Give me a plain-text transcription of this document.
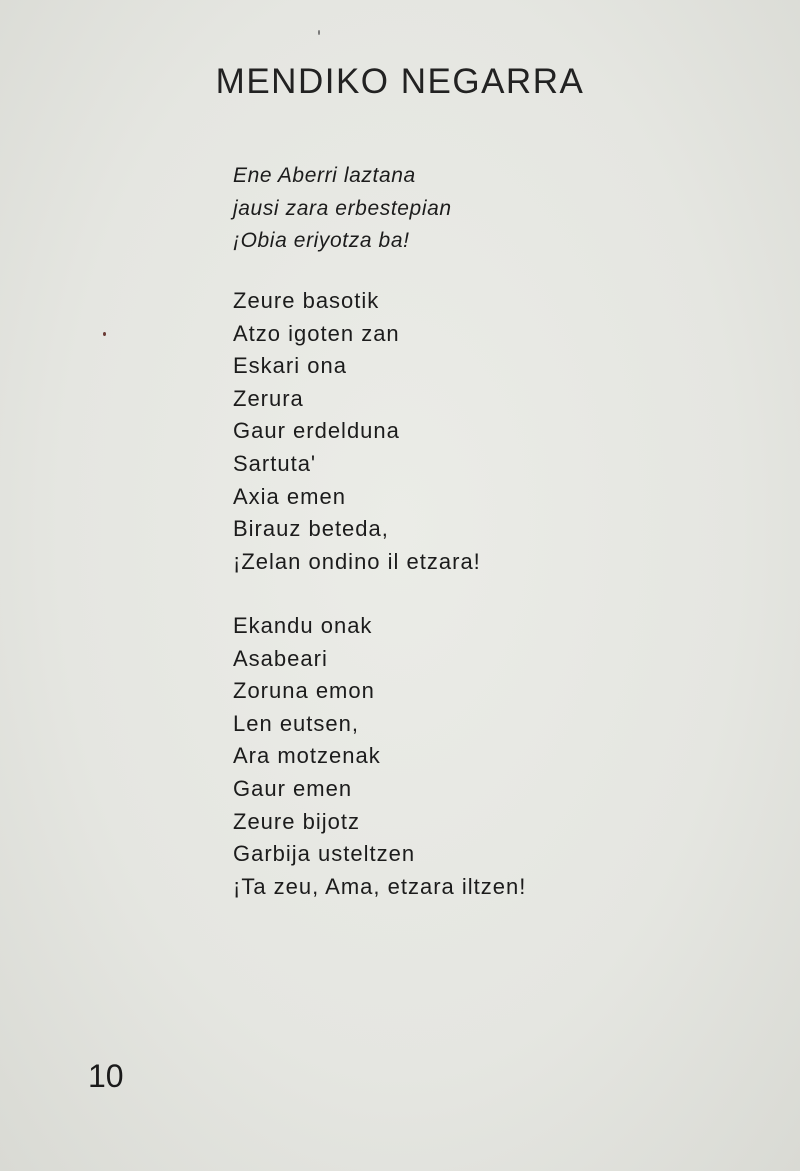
MENDIKO NEGARRA
Ene Aberri laztana
jausi zara erbestepian
¡Obia eriyotza ba!
Zeure basotik
Atzo igoten zan
Eskari ona
Zerura
Gaur erdelduna
Sartuta'
Axia emen
Birauz beteda,
¡Zelan ondino il etzara!
Ekandu onak
Asabeari
Zoruna emon
Len eutsen,
Ara motzenak
Gaur emen
Zeure bijotz
Garbija usteltzen
¡Ta zeu, Ama, etzara iltzen!
10
